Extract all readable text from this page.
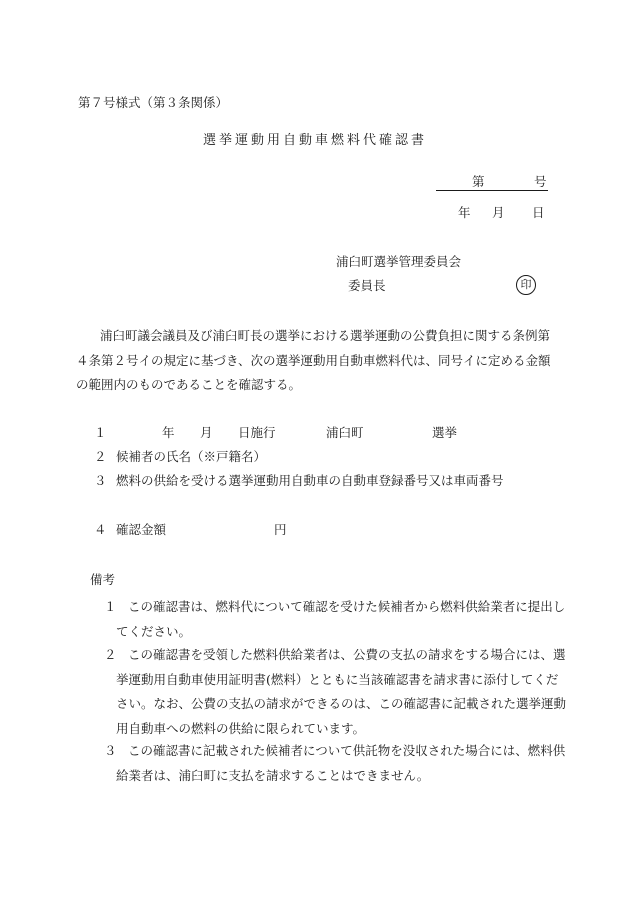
第７号様式（第３条関係）
選挙運動用自動車燃料代確認書
第	号
年 月 日
浦臼町選挙管理委員会
委員長	印

浦臼町議会議員及び浦臼町長の選挙における選挙運動の公費負担に関する条例第

４条第２号イの規定に基づき、次の選挙運動用自動車燃料代は、同号イに定める金額

の範囲内のものであることを確認する。

１	年 月 日施行	浦臼町	選挙
２ 候補者の氏名（※戸籍名）
３ 燃料の供給を受ける選挙運動用自動車の自動車登録番号又は車両番号
４ 確認金額	円
備考
１ この確認書は、燃料代について確認を受けた候補者から燃料供給業者に提出し

てください。

２ この確認書を受領した燃料供給業者は、公費の支払の請求をする場合には、選

挙運動用自動車使用証明書(燃料）とともに当該確認書を請求書に添付してくだ

さい。なお、公費の支払の請求ができるのは、この確認書に記載された選挙運動

用自動車への燃料の供給に限られています。

３ この確認書に記載された候補者について供託物を没収された場合には、燃料供

給業者は、浦臼町に支払を請求することはできません。
